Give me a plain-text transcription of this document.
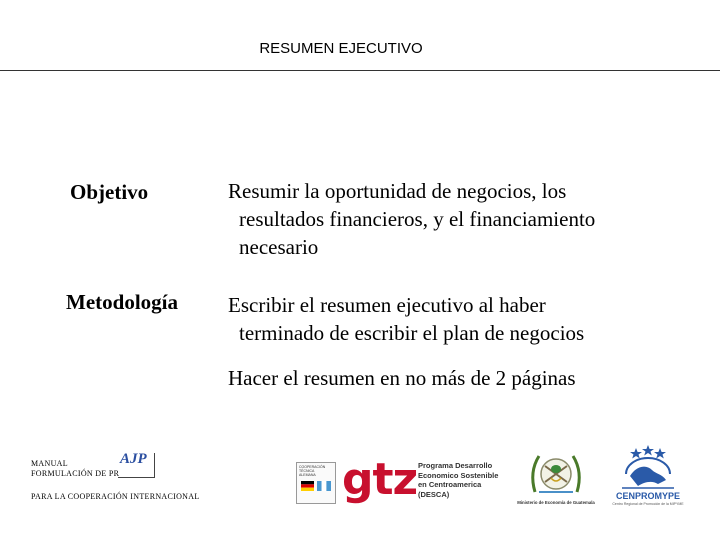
RESUMEN EJECUTIVO
Objetivo	Resumir la oportunidad de negocios, los
resultados financieros, y el financiamiento
necesario
Metodología Escribir el resumen ejecutivo al haber
terminado de escribir el plan de negocios
Hacer el resumen en no más de 2 páginas
MANUAL
FORMULACIÓN DE PR
AJP
PARA LA COOPERACIÓN INTERNACIONAL
COOPERACIÓN
TÉCNICA
ALEMANA gtz Programa Desarrollo
Economico Sostenible
en Centroamerica
(DESCA)
Ministerio de Economía de Guatemala
CENPROMYPE
Centro Regional de Promoción de la MIPYME
